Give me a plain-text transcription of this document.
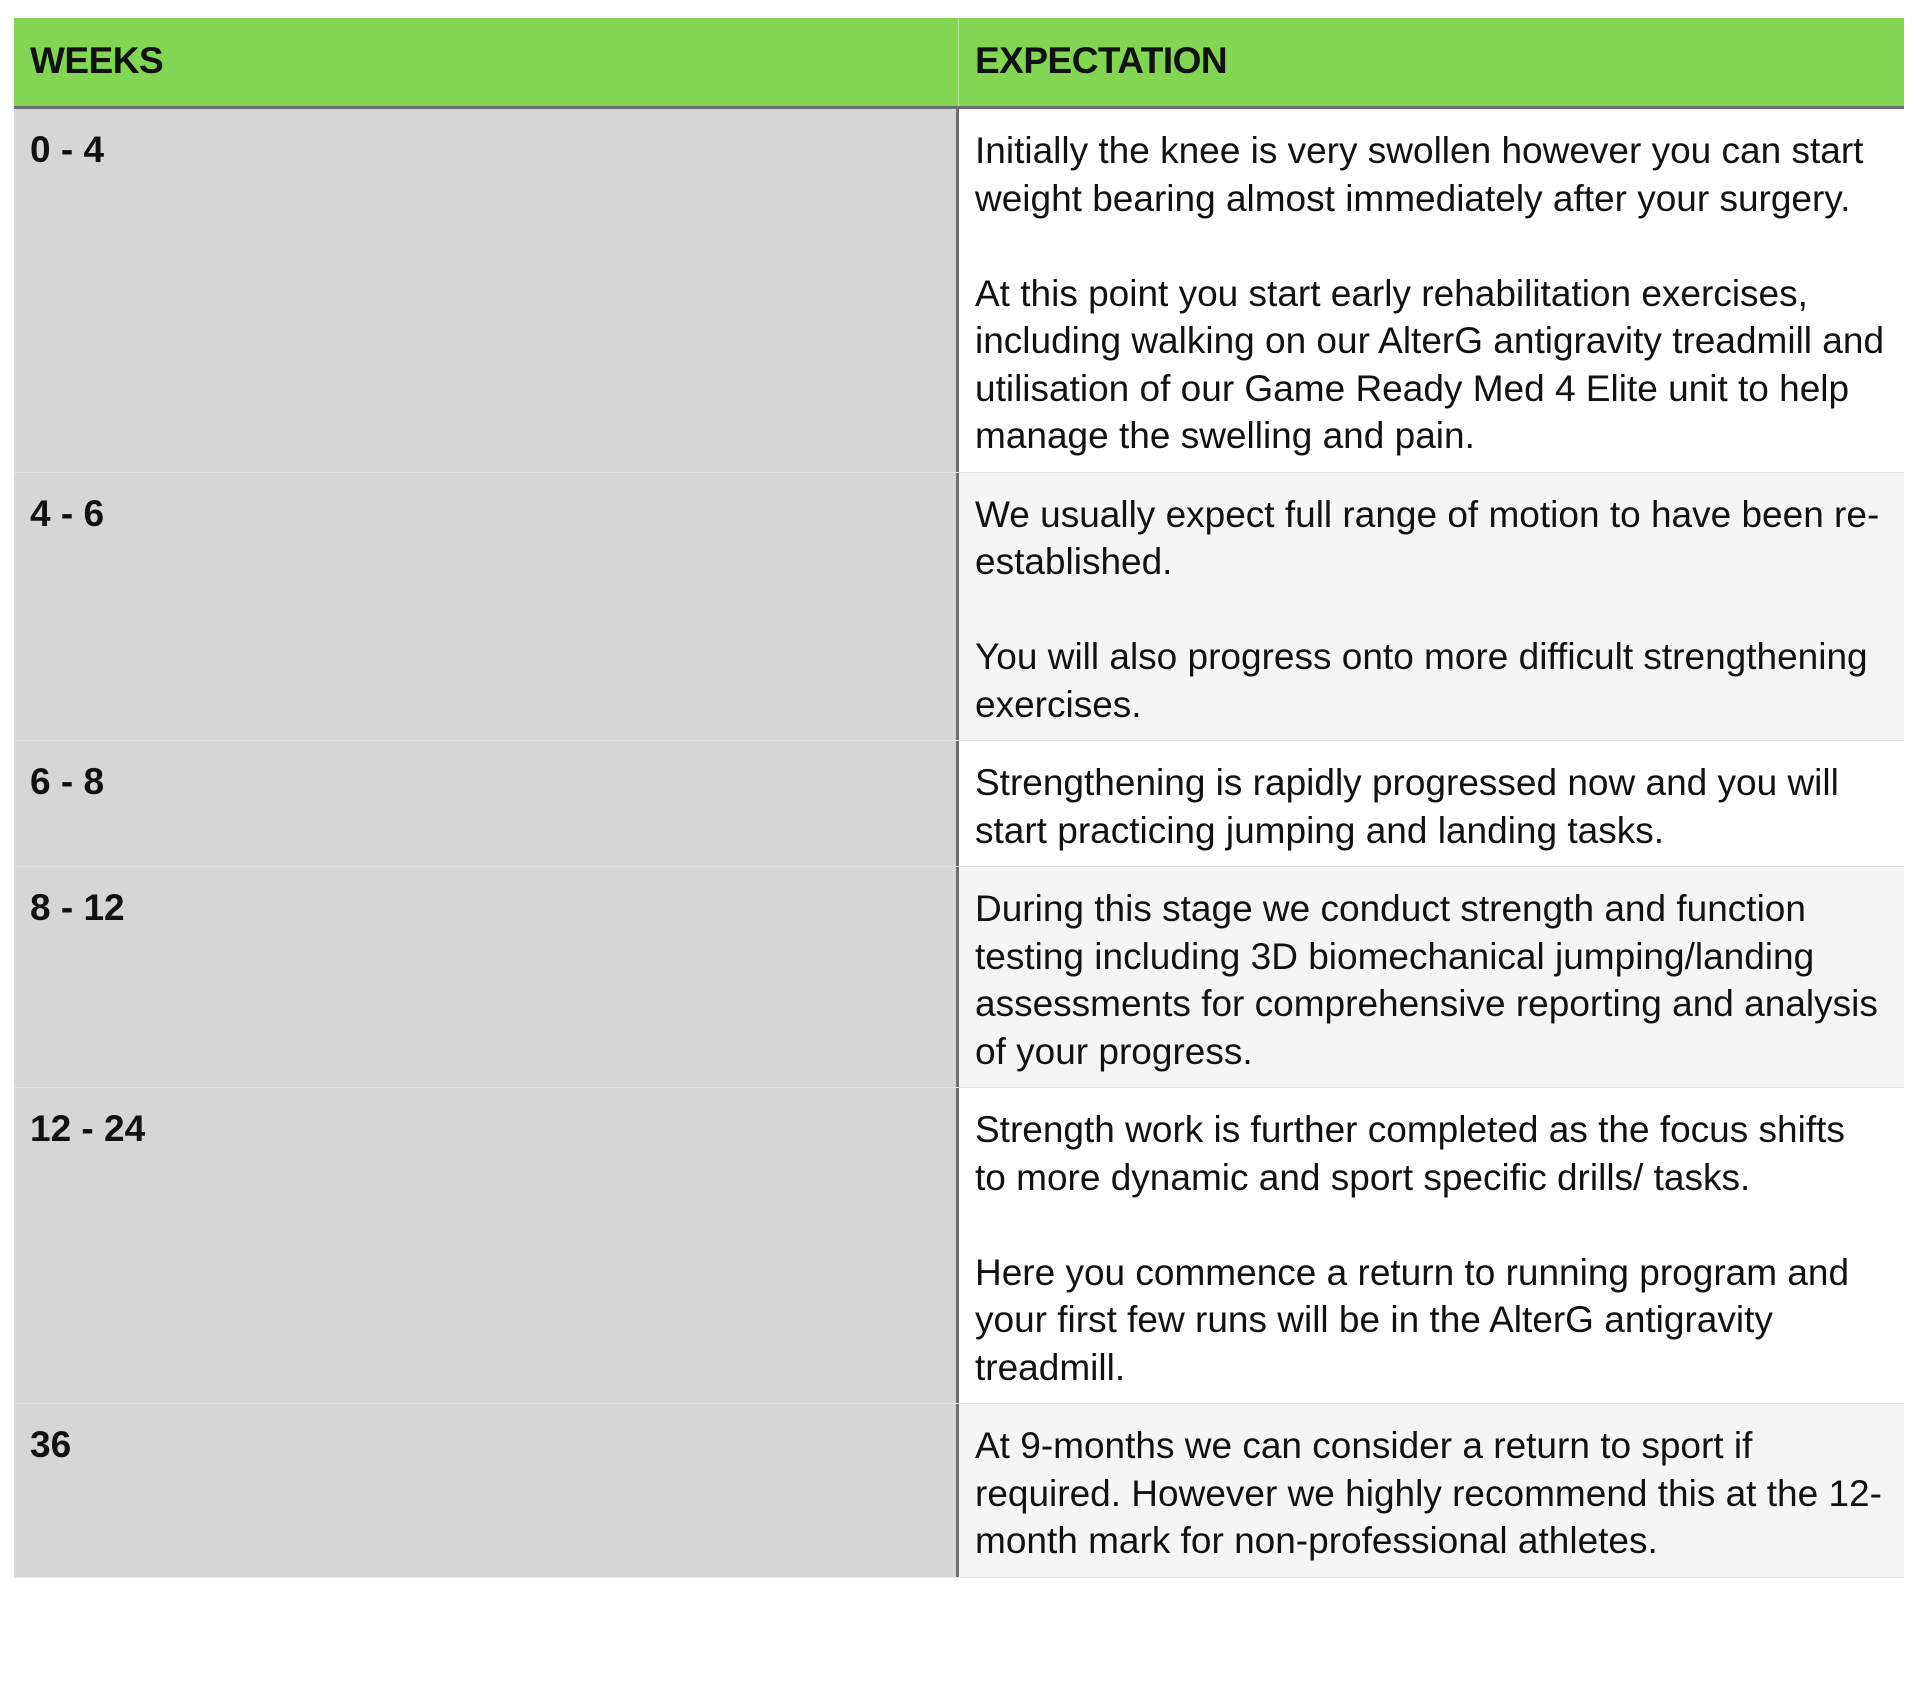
WEEKS	EXPECTATION
0 - 4	Initially the knee is very swollen however you can start weight bearing almost immediately after your surgery.

At this point you start early rehabilitation exercises, including walking on our AlterG antigravity treadmill and utilisation of our Game Ready Med 4 Elite unit to help manage the swelling and pain.

4 - 6	We usually expect full range of motion to have been re-established.

You will also progress onto more difficult strengthening exercises.

6 - 8	Strengthening is rapidly progressed now and you will start practicing jumping and landing tasks.

8 - 12	During this stage we conduct strength and function testing including 3D biomechanical jumping/landing assessments for comprehensive reporting and analysis of your progress.

12 - 24	Strength work is further completed as the focus shifts to more dynamic and sport specific drills/ tasks.

Here you commence a return to running program and your first few runs will be in the AlterG antigravity treadmill.

36	At 9-months we can consider a return to sport if required. However we highly recommend this at the 12-month mark for non-professional athletes.
